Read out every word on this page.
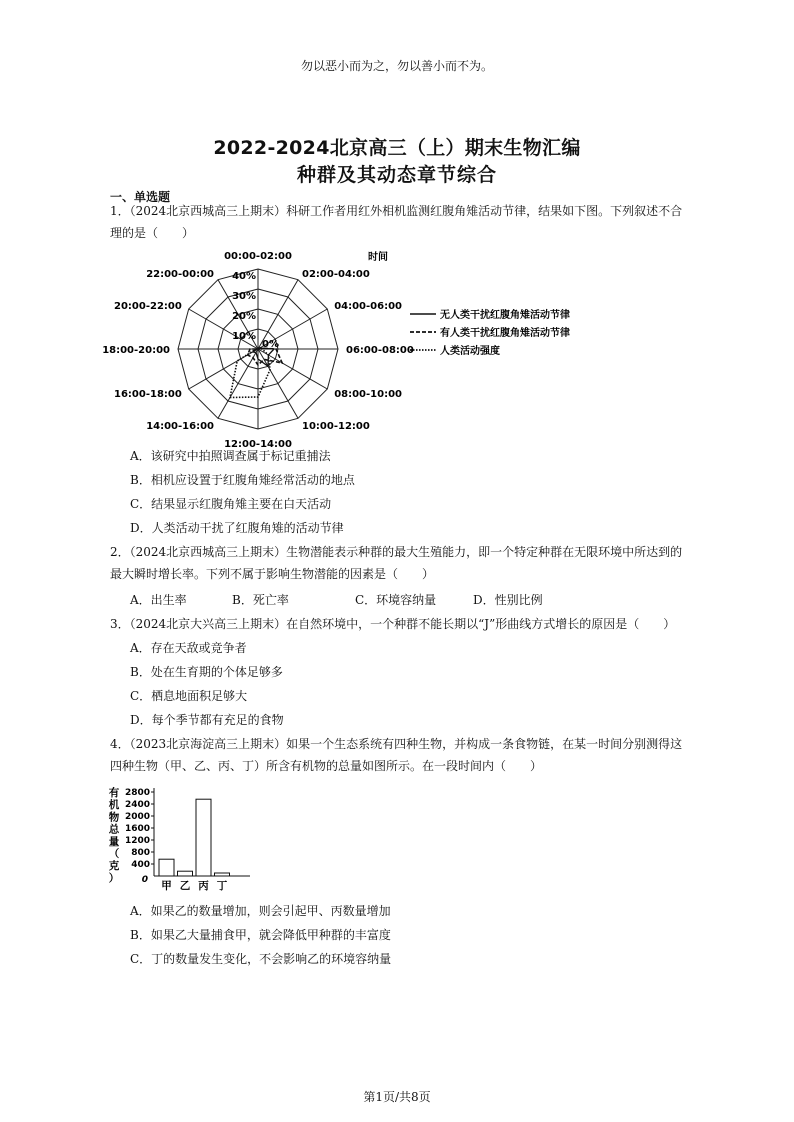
勿以恶小而为之，勿以善小而不为。
2022-2024北京高三（上）期末生物汇编
种群及其动态章节综合
一、单选题
1．（2024北京西城高三上期末）科研工作者用红外相机监测红腹角雉活动节律，结果如下图。下列叙述不合理的是（　　）
10%
20%
30%
40%
0%
00:00-02:00
02:00-04:00
04:00-06:00
06:00-08:00
08:00-10:00
10:00-12:00
12:00-14:00
14:00-16:00
16:00-18:00
18:00-20:00
20:00-22:00
22:00-00:00
时间
无人类干扰红腹角雉活动节律
有人类干扰红腹角雉活动节律
人类活动强度
A．该研究中拍照调查属于标记重捕法
B．相机应设置于红腹角雉经常活动的地点
C．结果显示红腹角雉主要在白天活动
D．人类活动干扰了红腹角雉的活动节律
2．（2024北京西城高三上期末）生物潜能表示种群的最大生殖能力，即一个特定种群在无限环境中所达到的最大瞬时增长率。下列不属于影响生物潜能的因素是（　　）
A．出生率	B．死亡率	C．环境容纳量	D．性别比例
3．（2024北京大兴高三上期末）在自然环境中，一个种群不能长期以“J”形曲线方式增长的原因是（　　）
A．存在天敌或竞争者
B．处在生育期的个体足够多
C．栖息地面积足够大
D．每个季节都有充足的食物
4．（2023北京海淀高三上期末）如果一个生态系统有四种生物，并构成一条食物链，在某一时间分别测得这四种生物（甲、乙、丙、丁）所含有机物的总量如图所示。在一段时间内（　　）
有
机
物
总
量
（
克
）
400
800
1200
1600
2000
2400
2800
0 甲 乙 丙 丁
A．如果乙的数量增加，则会引起甲、丙数量增加
B．如果乙大量捕食甲，就会降低甲种群的丰富度
C．丁的数量发生变化，不会影响乙的环境容纳量
第1页/共8页
